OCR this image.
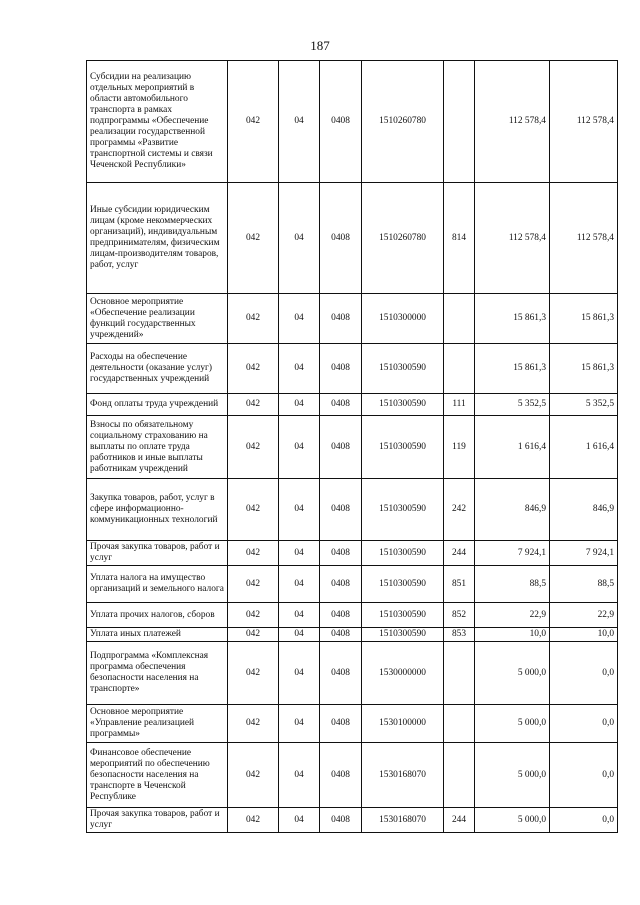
187
Субсидии на реализацию отдельных мероприятий в области автомобильного транспорта в рамках подпрограммы «Обеспечение реализации государственной программы «Развитие транспортной системы и связи Чеченской Республики»	042	04	0408	1510260780		112 578,4	112 578,4
Иные субсидии юридическим лицам (кроме некоммерческих организаций), индивидуальным предпринимателям, физическим лицам-производителям товаров, работ, услуг	042	04	0408	1510260780	814	112 578,4	112 578,4
Основное мероприятие «Обеспечение реализации функций государственных учреждений»	042	04	0408	1510300000		15 861,3	15 861,3
Расходы на обеспечение деятельности (оказание услуг) государственных учреждений	042	04	0408	1510300590		15 861,3	15 861,3
Фонд оплаты труда учреждений	042	04	0408	1510300590	111	5 352,5	5 352,5
Взносы по обязательному социальному страхованию на выплаты по оплате труда работников и иные выплаты работникам учреждений	042	04	0408	1510300590	119	1 616,4	1 616,4
Закупка товаров, работ, услуг в сфере информационно-коммуникационных технологий	042	04	0408	1510300590	242	846,9	846,9
Прочая закупка товаров, работ и услуг	042	04	0408	1510300590	244	7 924,1	7 924,1
Уплата налога на имущество организаций и земельного налога	042	04	0408	1510300590	851	88,5	88,5
Уплата прочих налогов, сборов	042	04	0408	1510300590	852	22,9	22,9
Уплата иных платежей	042	04	0408	1510300590	853	10,0	10,0
Подпрограмма «Комплексная программа обеспечения безопасности населения на транспорте»	042	04	0408	1530000000		5 000,0	0,0
Основное мероприятие «Управление реализацией программы»	042	04	0408	1530100000		5 000,0	0,0
Финансовое обеспечение мероприятий по обеспечению безопасности населения на транспорте в Чеченской Республике	042	04	0408	1530168070		5 000,0	0,0
Прочая закупка товаров, работ и услуг	042	04	0408	1530168070	244	5 000,0	0,0
